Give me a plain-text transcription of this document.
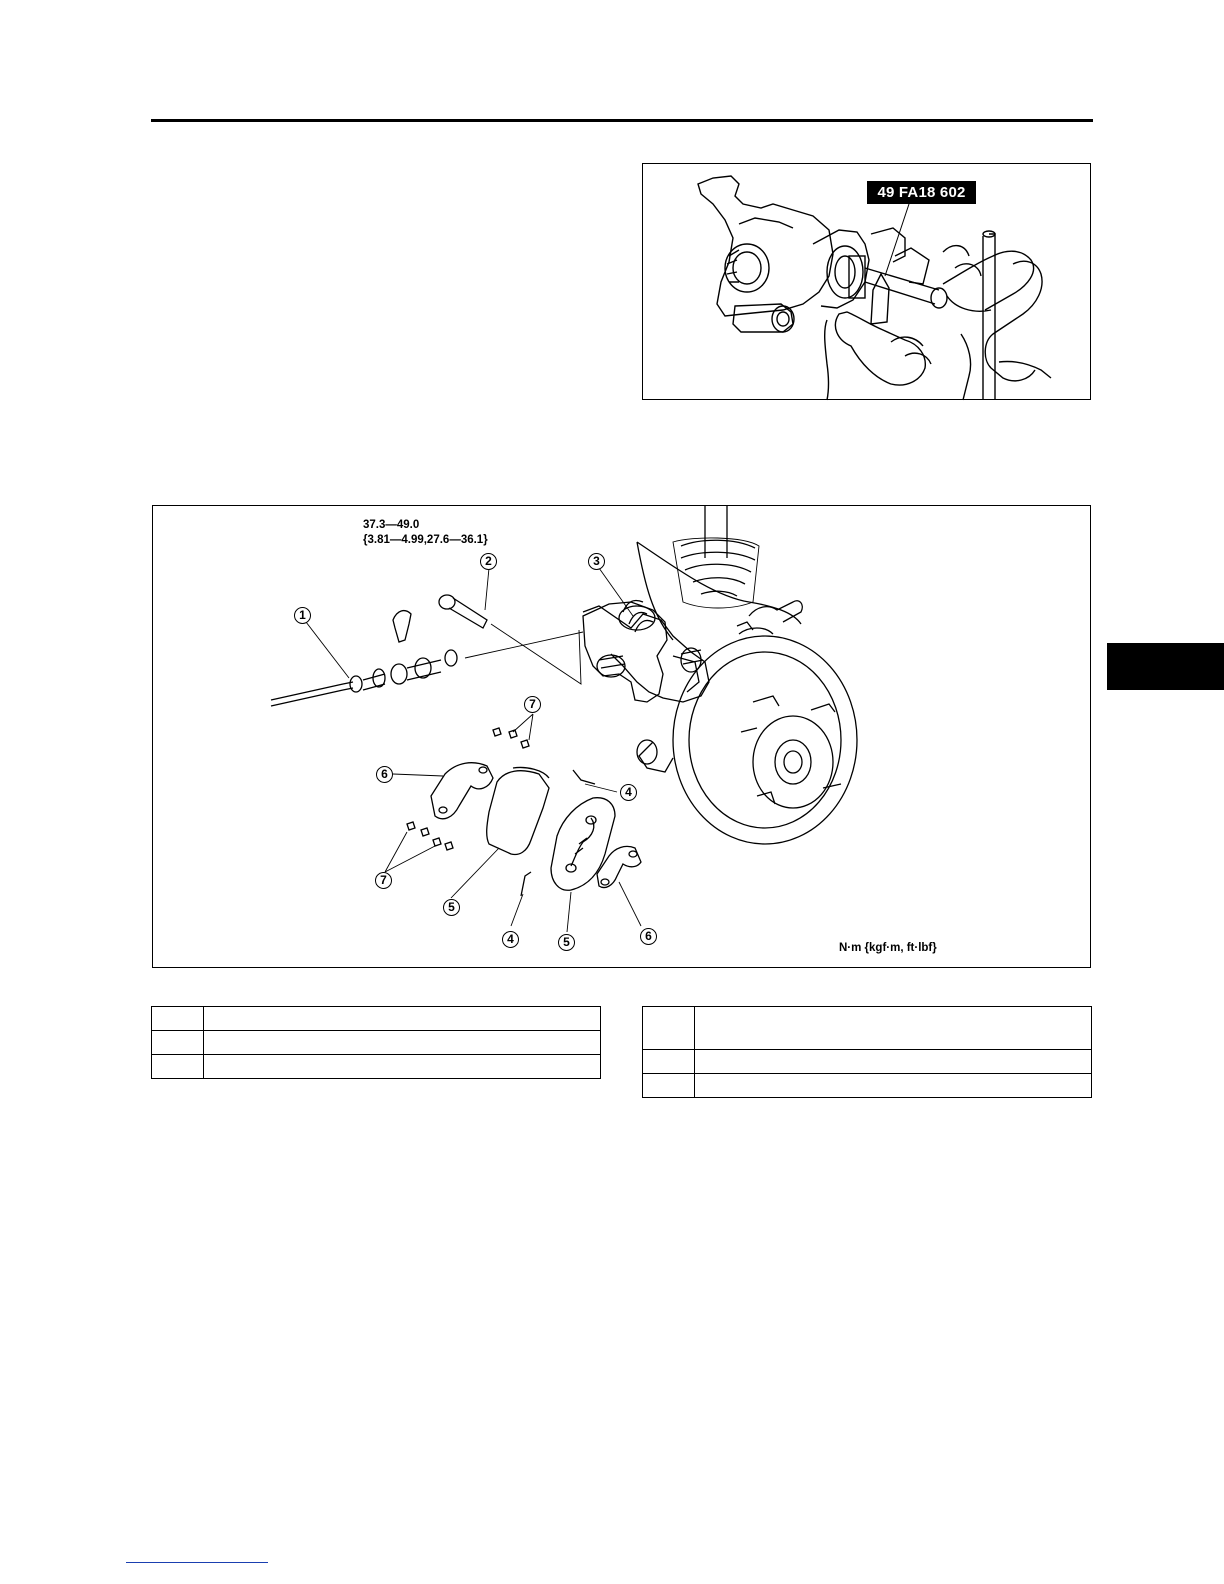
49 FA18 602
37.3—49.0
{3.81—4.99,27.6—36.1}
1
2	3
7
6
4
7
5
4	5	6
N·m {kgf·m, ft·lbf}
